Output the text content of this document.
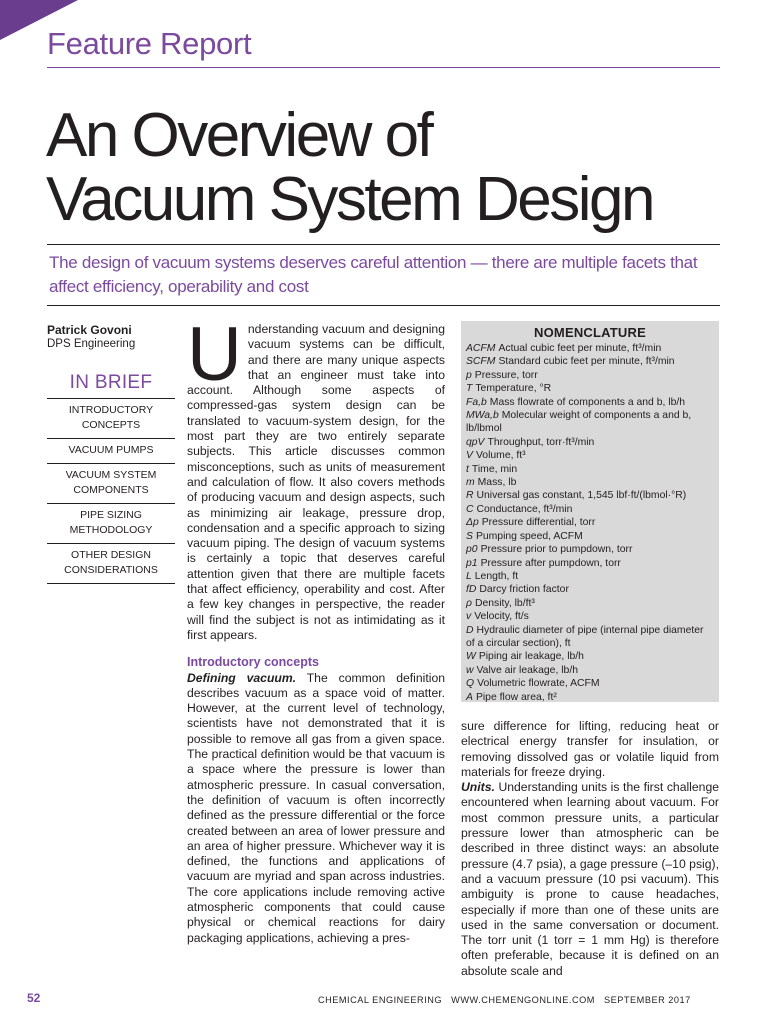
Feature Report
An Overview of
Vacuum System Design
The design of vacuum systems deserves careful attention — there are multiple facets that affect efficiency, operability and cost
Patrick Govoni
DPS Engineering
IN BRIEF
INTRODUCTORY CONCEPTS
VACUUM PUMPS
VACUUM SYSTEM COMPONENTS
PIPE SIZING METHODOLOGY
OTHER DESIGN CONSIDERATIONS

Understanding vacuum and designing vacuum systems can be difficult, and there are many unique aspects that an engineer must take into account. Although some aspects of compressed-gas system design can be translated to vacuum-system design, for the most part they are two entirely separate subjects. This article discusses common misconceptions, such as units of measurement and calculation of flow. It also covers methods of producing vacuum and design aspects, such as minimizing air leakage, pressure drop, condensation and a specific approach to sizing vacuum piping. The design of vacuum systems is certainly a topic that deserves careful attention given that there are multiple facets that affect efficiency, operability and cost. After a few key changes in perspective, the reader will find the subject is not as intimidating as it first appears.

Introductory concepts

Defining vacuum. The common definition describes vacuum as a space void of matter. However, at the current level of technology, scientists have not demonstrated that it is possible to remove all gas from a given space. The practical definition would be that vacuum is a space where the pressure is lower than atmospheric pressure. In casual conversation, the definition of vacuum is often incorrectly defined as the pressure differential or the force created between an area of lower pressure and an area of higher pressure. Whichever way it is defined, the functions and applications of vacuum are myriad and span across industries. The core applications include removing active atmospheric components that could cause physical or chemical reactions for dairy packaging applications, achieving a pres-

NOMENCLATURE
ACFM Actual cubic feet per minute, ft³/min
SCFM Standard cubic feet per minute, ft³/min
p Pressure, torr
T Temperature, °R
Fa,b Mass flowrate of components a and b, lb/h
MWa,b Molecular weight of components a and b, lb/lbmol
qpV Throughput, torr·ft³/min
V Volume, ft³
t Time, min
m Mass, lb
R Universal gas constant, 1,545 lbf·ft/(lbmol·°R)
C Conductance, ft³/min
Δp Pressure differential, torr
S Pumping speed, ACFM
p0 Pressure prior to pumpdown, torr
p1 Pressure after pumpdown, torr
L Length, ft
fD Darcy friction factor
ρ Density, lb/ft³
v Velocity, ft/s
D Hydraulic diameter of pipe (internal pipe diameter of a circular section), ft
W Piping air leakage, lb/h
w Valve air leakage, lb/h
Q Volumetric flowrate, ACFM
A Pipe flow area, ft²

sure difference for lifting, reducing heat or electrical energy transfer for insulation, or removing dissolved gas or volatile liquid from materials for freeze drying.

Units. Understanding units is the first challenge encountered when learning about vacuum. For most common pressure units, a particular pressure lower than atmospheric can be described in three distinct ways: an absolute pressure (4.7 psia), a gage pressure (–10 psig), and a vacuum pressure (10 psi vacuum). This ambiguity is prone to cause headaches, especially if more than one of these units are used in the same conversation or document. The torr unit (1 torr = 1 mm Hg) is therefore often preferable, because it is defined on an absolute scale and

52	CHEMICAL ENGINEERING   WWW.CHEMENGONLINE.COM   SEPTEMBER 2017
